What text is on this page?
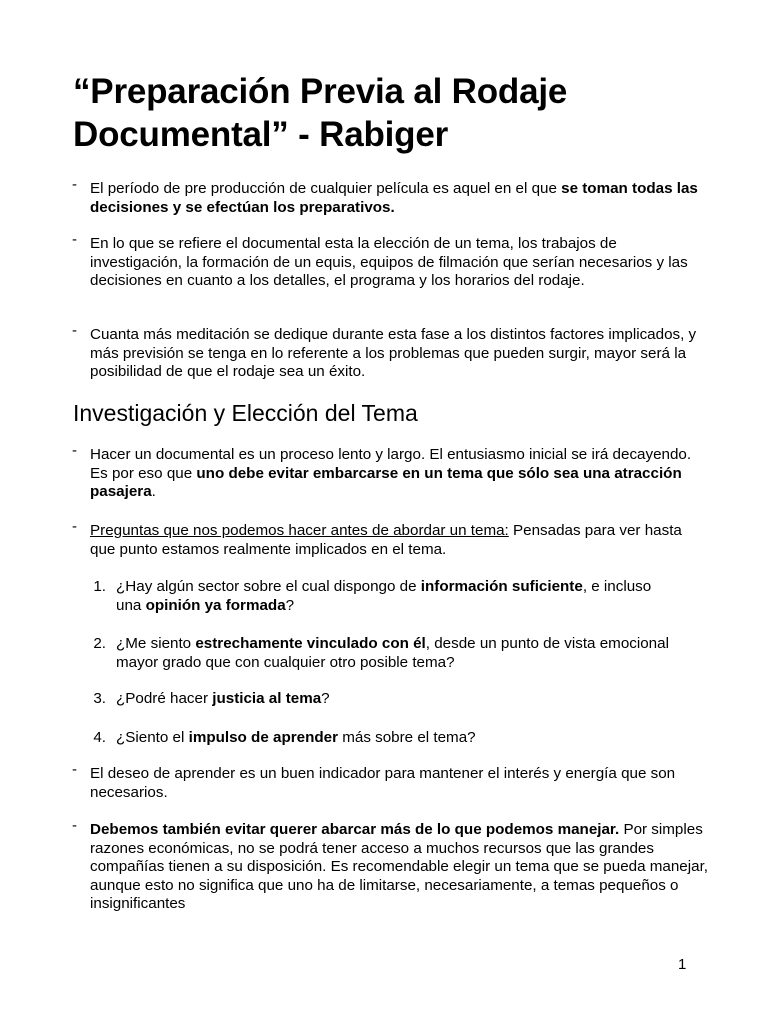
“Preparación Previa al Rodaje Documental” - Rabiger
- El período de pre producción de cualquier película es aquel en el que se toman todas las decisiones y se efectúan los preparativos.
- En lo que se refiere el documental esta la elección de un tema, los trabajos de investigación, la formación de un equis, equipos de filmación que serían necesarios y las decisiones en cuanto a los detalles, el programa y los horarios del rodaje.
- Cuanta más meditación se dedique durante esta fase a los distintos factores implicados, y más previsión se tenga en lo referente a los problemas que pueden surgir, mayor será la posibilidad de que el rodaje sea un éxito.
Investigación y Elección del Tema
- Hacer un documental es un proceso lento y largo. El entusiasmo inicial se irá decayendo. Es por eso que uno debe evitar embarcarse en un tema que sólo sea una atracción pasajera.
- Preguntas que nos podemos hacer antes de abordar un tema: Pensadas para ver hasta que punto estamos realmente implicados en el tema.
1. ¿Hay algún sector sobre el cual dispongo de información suficiente, e incluso una opinión ya formada?
2. ¿Me siento estrechamente vinculado con él, desde un punto de vista emocional mayor grado que con cualquier otro posible tema?
3. ¿Podré hacer justicia al tema?
4. ¿Siento el impulso de aprender más sobre el tema?
- El deseo de aprender es un buen indicador para mantener el interés y energía que son necesarios.
- Debemos también evitar querer abarcar más de lo que podemos manejar. Por simples razones económicas, no se podrá tener acceso a muchos recursos que las grandes compañías tienen a su disposición. Es recomendable elegir un tema que se pueda manejar, aunque esto no significa que uno ha de limitarse, necesariamente, a temas pequeños o insignificantes
1
